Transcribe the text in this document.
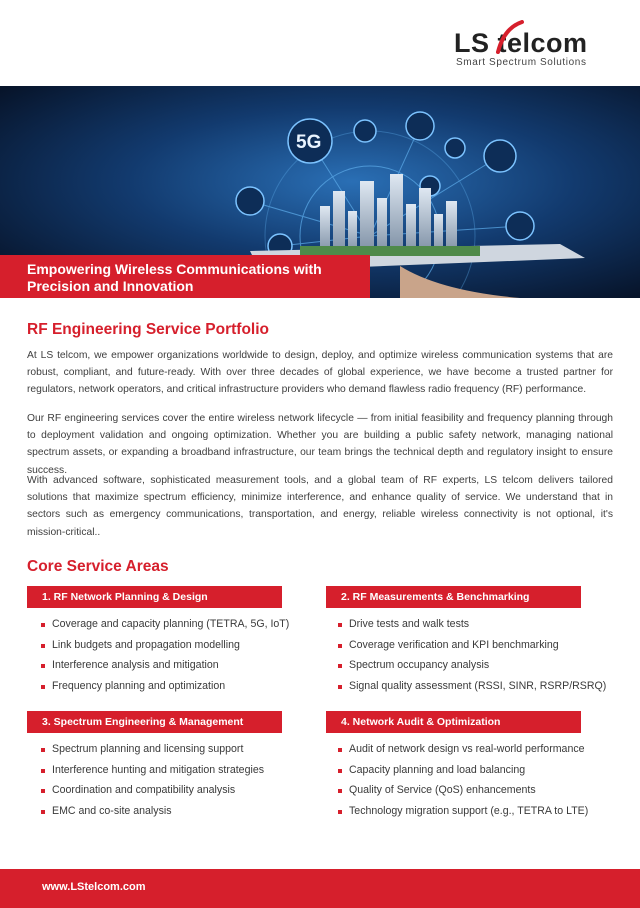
LS telcom
Smart Spectrum Solutions
5G
Empowering Wireless Communications with
Precision and Innovation
RF Engineering Service Portfolio

At LS telcom, we empower organizations worldwide to design, deploy, and optimize wireless communication systems that are robust, compliant, and future-ready. With over three decades of global experience, we have become a trusted partner for regulators, network operators, and critical infrastructure providers who demand flawless radio frequency (RF) performance.

Our RF engineering services cover the entire wireless network lifecycle — from initial feasibility and frequency planning through to deployment validation and ongoing optimization. Whether you are building a public safety network, managing national spectrum assets, or expanding a broadband infrastructure, our team brings the technical depth and regulatory insight to ensure success.

With advanced software, sophisticated measurement tools, and a global team of RF experts, LS telcom delivers tailored solutions that maximize spectrum efficiency, minimize interference, and enhance quality of service. We understand that in sectors such as emergency communications, transportation, and energy, reliable wireless connectivity is not optional, it's mission-critical..

Core Service Areas
1. RF Network Planning & Design
Coverage and capacity planning (TETRA, 5G, IoT)
Link budgets and propagation modelling
Interference analysis and mitigation
Frequency planning and optimization
2. RF Measurements & Benchmarking
Drive tests and walk tests
Coverage verification and KPI benchmarking
Spectrum occupancy analysis
Signal quality assessment (RSSI, SINR, RSRP/RSRQ)
3. Spectrum Engineering & Management
Spectrum planning and licensing support
Interference hunting and mitigation strategies
Coordination and compatibility analysis
EMC and co-site analysis
4. Network Audit & Optimization
Audit of network design vs real-world performance
Capacity planning and load balancing
Quality of Service (QoS) enhancements
Technology migration support (e.g., TETRA to LTE)
www.LStelcom.com
